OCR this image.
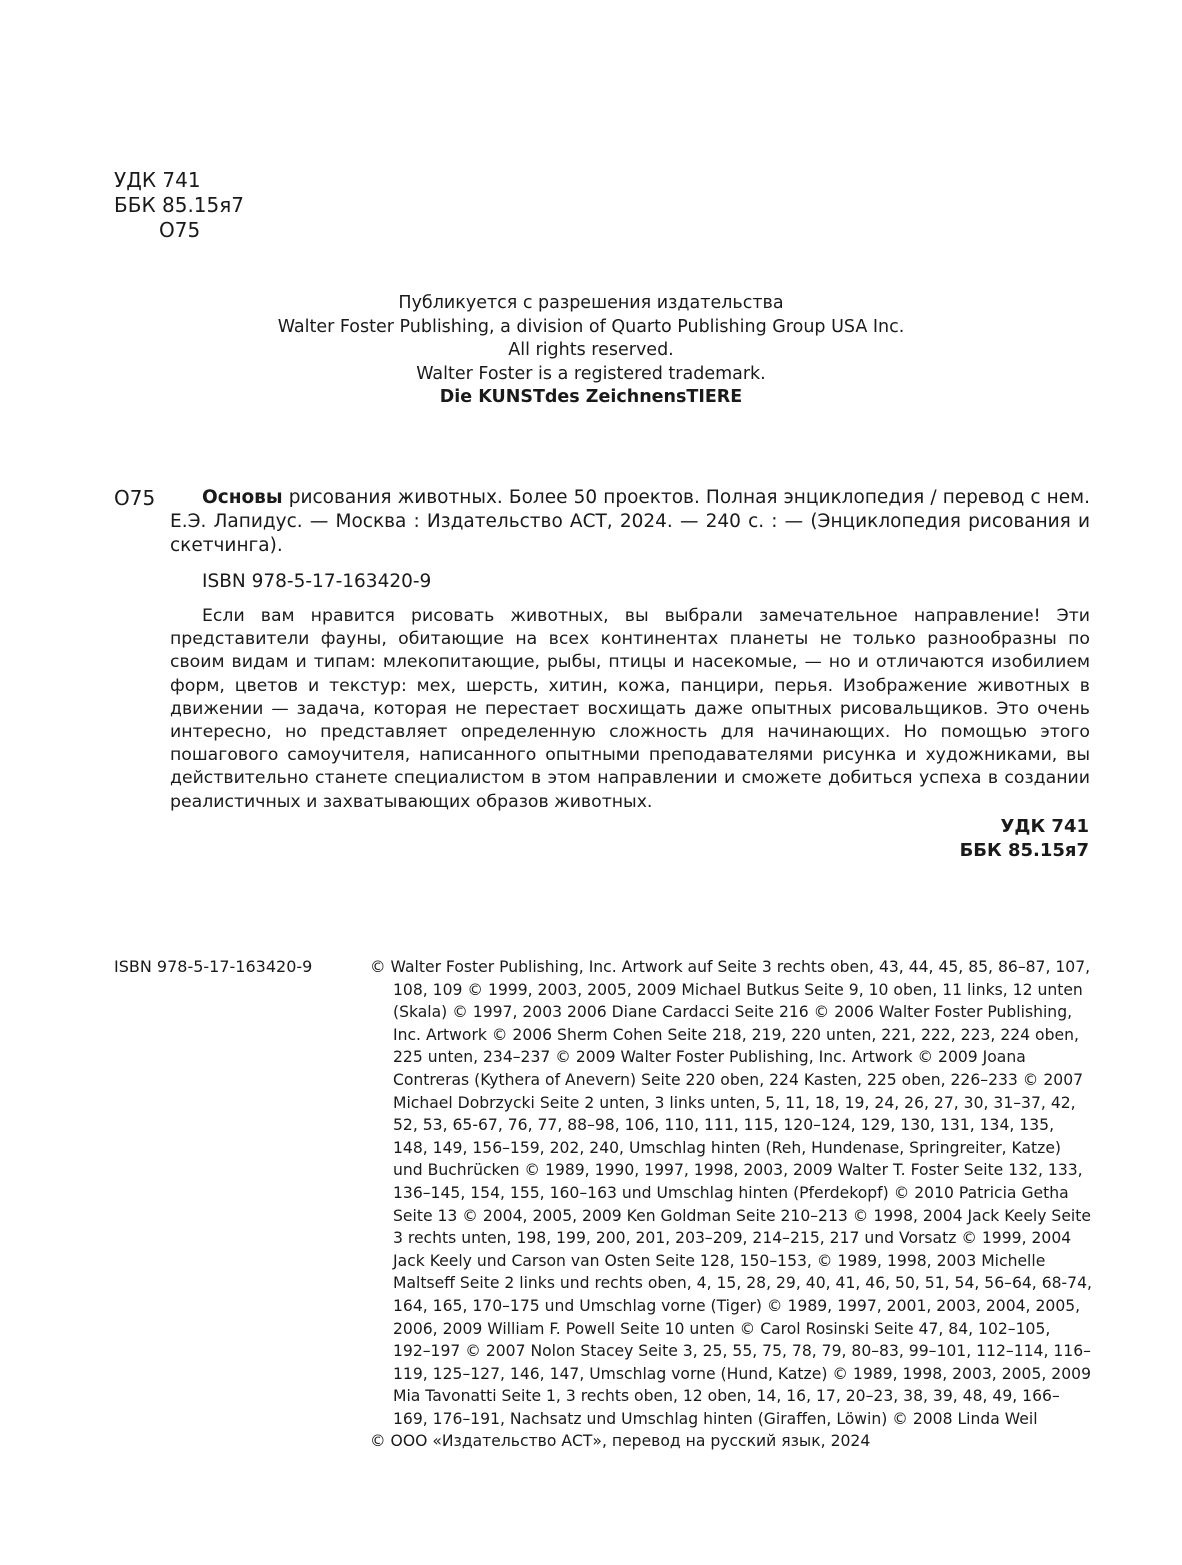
УДК 741
ББК 85.15я7
О75
Публикуется с разрешения издательства
Walter Foster Publishing, a division of Quarto Publishing Group USA Inc.
All rights reserved.
Walter Foster is a registered trademark.
Die KUNSTdes ZeichnensTIERE
О75	Основы рисования животных. Более 50 проектов. Полная энциклопедия / перевод с нем. Е.Э. Лапидус. — Москва : Издательство АСТ, 2024. — 240 с. : — (Энциклопедия рисования и скетчинга).
ISBN 978-5-17-163420-9
Если вам нравится рисовать животных, вы выбрали замечательное направление! Эти представители фауны, обитающие на всех континентах планеты не только разнообразны по своим видам и типам: млекопитающие, рыбы, птицы и насекомые, — но и отличаются изобилием форм, цветов и текстур: мех, шерсть, хитин, кожа, панцири, перья. Изображение животных в движении — задача, которая не перестает восхищать даже опытных рисовальщиков. Это очень интересно, но представляет определенную сложность для начинающих. Но помощью этого пошагового самоучителя, написанного опытными преподавателями рисунка и художниками, вы действительно станете специалистом в этом направлении и сможете добиться успеха в создании реалистичных и захватывающих образов животных.
УДК 741
ББК 85.15я7
ISBN 978-5-17-163420-9	© Walter Foster Publishing, Inc. Artwork auf Seite 3 rechts oben, 43, 44, 45, 85, 86–87, 107, 108, 109 © 1999, 2003, 2005, 2009 Michael Butkus Seite 9, 10 oben, 11 links, 12 unten (Skala) © 1997, 2003 2006 Diane Cardacci Seite 216 © 2006 Walter Foster Publishing, Inc. Artwork © 2006 Sherm Cohen Seite 218, 219, 220 unten, 221, 222, 223, 224 oben, 225 unten, 234–237 © 2009 Walter Foster Publishing, Inc. Artwork © 2009 Joana Contreras (Kythera of Anevern) Seite 220 oben, 224 Kasten, 225 oben, 226–233 © 2007 Michael Dobrzycki Seite 2 unten, 3 links unten, 5, 11, 18, 19, 24, 26, 27, 30, 31–37, 42, 52, 53, 65-67, 76, 77, 88–98, 106, 110, 111, 115, 120–124, 129, 130, 131, 134, 135, 148, 149, 156–159, 202, 240, Umschlag hinten (Reh, Hundenase, Springreiter, Katze) und Buchrücken © 1989, 1990, 1997, 1998, 2003, 2009 Walter T. Foster Seite 132, 133, 136–145, 154, 155, 160–163 und Umschlag hinten (Pferdekopf) © 2010 Patricia Getha Seite 13 © 2004, 2005, 2009 Ken Goldman Seite 210–213 © 1998, 2004 Jack Keely Seite 3 rechts unten, 198, 199, 200, 201, 203–209, 214–215, 217 und Vorsatz © 1999, 2004 Jack Keely und Carson van Osten Seite 128, 150–153, © 1989, 1998, 2003 Michelle Maltseff Seite 2 links und rechts oben, 4, 15, 28, 29, 40, 41, 46, 50, 51, 54, 56–64, 68-74, 164, 165, 170–175 und Umschlag vorne (Tiger) © 1989, 1997, 2001, 2003, 2004, 2005, 2006, 2009 William F. Powell Seite 10 unten © Carol Rosinski Seite 47, 84, 102–105, 192–197 © 2007 Nolon Stacey Seite 3, 25, 55, 75, 78, 79, 80–83, 99–101, 112–114, 116–119, 125–127, 146, 147, Umschlag vorne (Hund, Katze) © 1989, 1998, 2003, 2005, 2009 Mia Tavonatti Seite 1, 3 rechts oben, 12 oben, 14, 16, 17, 20–23, 38, 39, 48, 49, 166–169, 176–191, Nachsatz und Umschlag hinten (Giraffen, Löwin) © 2008 Linda Weil

© ООО «Издательство АСТ», перевод на русский язык, 2024
